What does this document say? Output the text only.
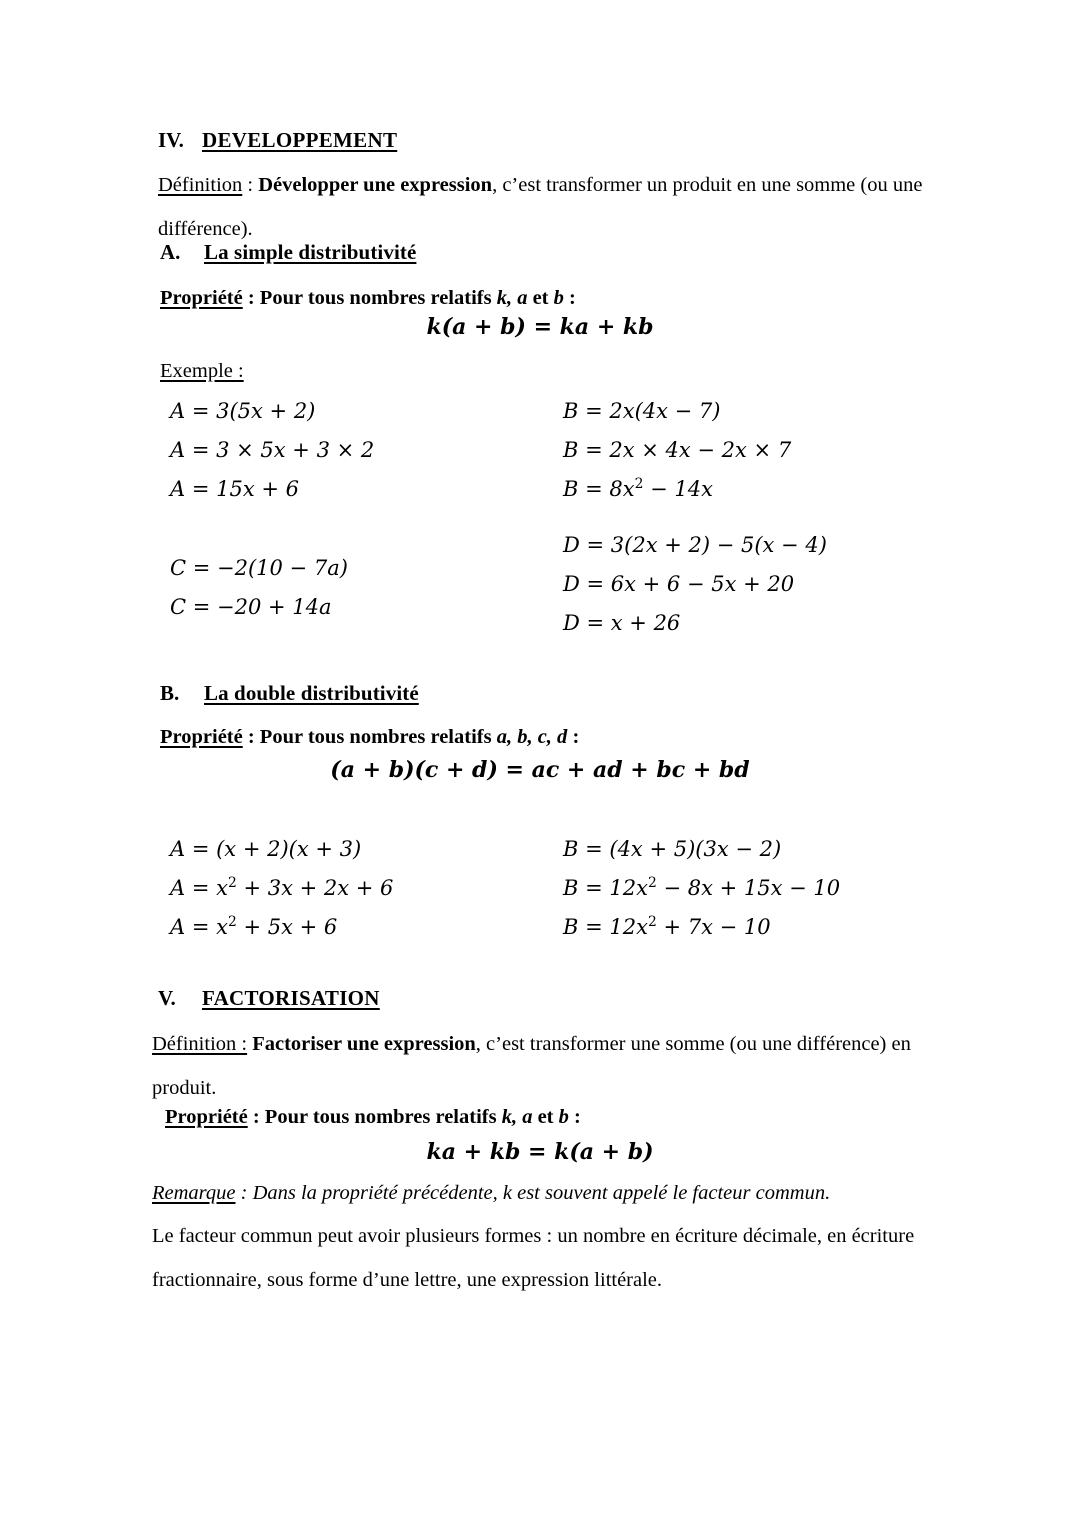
IV. DEVELOPPEMENT
Définition : Développer une expression, c’est transformer un produit en une somme (ou une différence).
A.	La simple distributivité
Propriété : Pour tous nombres relatifs k, a et b :
k(a + b) = ka + kb
Exemple :
A = 3(5x + 2)
A = 3 × 5x + 3 × 2
A = 15x + 6
B = 2x(4x − 7)
B = 2x × 4x − 2x × 7
$B = 8x^2 - 14x$
C = −2(10 − 7a)
C = −20 + 14a
D = 3(2x + 2) − 5(x − 4)
D = 6x + 6 − 5x + 20
D = x + 26
B.	La double distributivité
Propriété : Pour tous nombres relatifs a, b, c, d :
(a + b)(c + d) = ac + ad + bc + bd
A = (x + 2)(x + 3)
$A = x^2 + 3x + 2x + 6$
$A = x^2 + 5x + 6$
B = (4x + 5)(3x − 2)
$B = 12x^2 - 8x + 15x - 10$
$B = 12x^2 + 7x - 10$
V.	FACTORISATION
Définition : Factoriser une expression, c’est transformer une somme (ou une différence) en produit.
Propriété : Pour tous nombres relatifs k, a et b :
ka + kb = k(a + b)
Remarque : Dans la propriété précédente, k est souvent appelé le facteur commun.
Le facteur commun peut avoir plusieurs formes : un nombre en écriture décimale, en écriture fractionnaire, sous forme d’une lettre, une expression littérale.
